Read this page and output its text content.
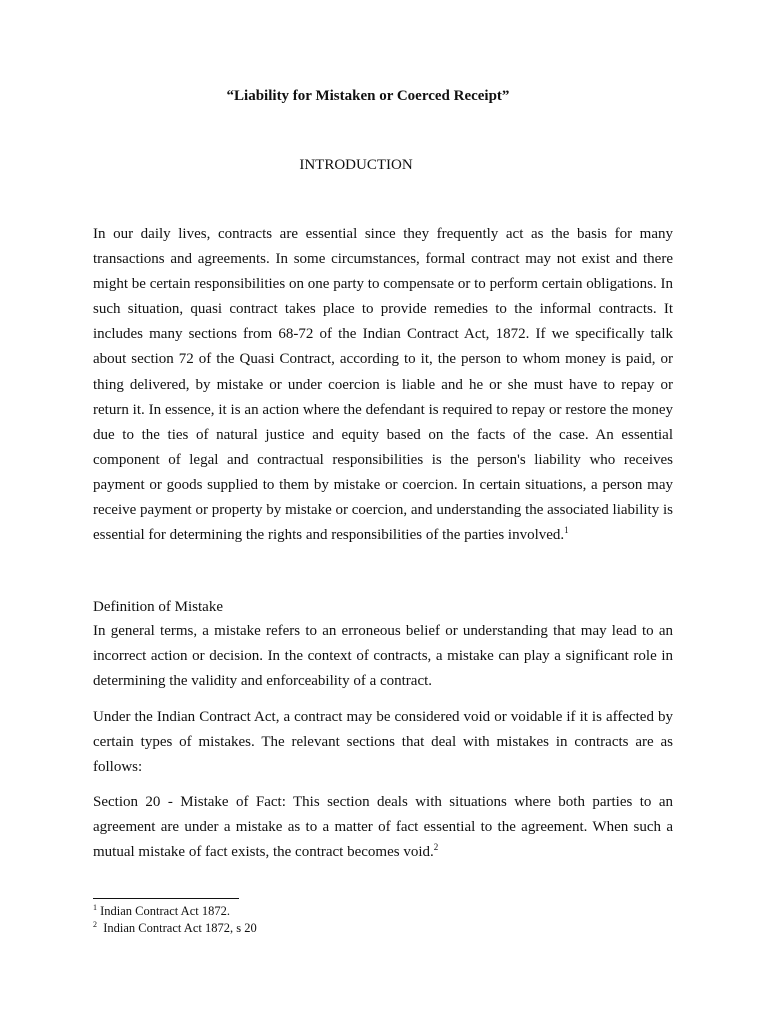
“Liability for Mistaken or Coerced Receipt”
INTRODUCTION

In our daily lives, contracts are essential since they frequently act as the basis for many transactions and agreements. In some circumstances, formal contract may not exist and there might be certain responsibilities on one party to compensate or to perform certain obligations. In such situation, quasi contract takes place to provide remedies to the informal contracts. It includes many sections from 68-72 of the Indian Contract Act, 1872. If we specifically talk about section 72 of the Quasi Contract, according to it, the person to whom money is paid, or thing delivered, by mistake or under coercion is liable and he or she must have to repay or return it. In essence, it is an action where the defendant is required to repay or restore the money due to the ties of natural justice and equity based on the facts of the case. An essential component of legal and contractual responsibilities is the person's liability who receives payment or goods supplied to them by mistake or coercion. In certain situations, a person may receive payment or property by mistake or coercion, and understanding the associated liability is essential for determining the rights and responsibilities of the parties involved.$^1$

Definition of Mistake

In general terms, a mistake refers to an erroneous belief or understanding that may lead to an incorrect action or decision. In the context of contracts, a mistake can play a significant role in determining the validity and enforceability of a contract.

Under the Indian Contract Act, a contract may be considered void or voidable if it is affected by certain types of mistakes. The relevant sections that deal with mistakes in contracts are as follows:

Section 20 - Mistake of Fact: This section deals with situations where both parties to an agreement are under a mistake as to a matter of fact essential to the agreement. When such a mutual mistake of fact exists, the contract becomes void.$^2$

$^1$ Indian Contract Act 1872.
$^2$  Indian Contract Act 1872, s 20
